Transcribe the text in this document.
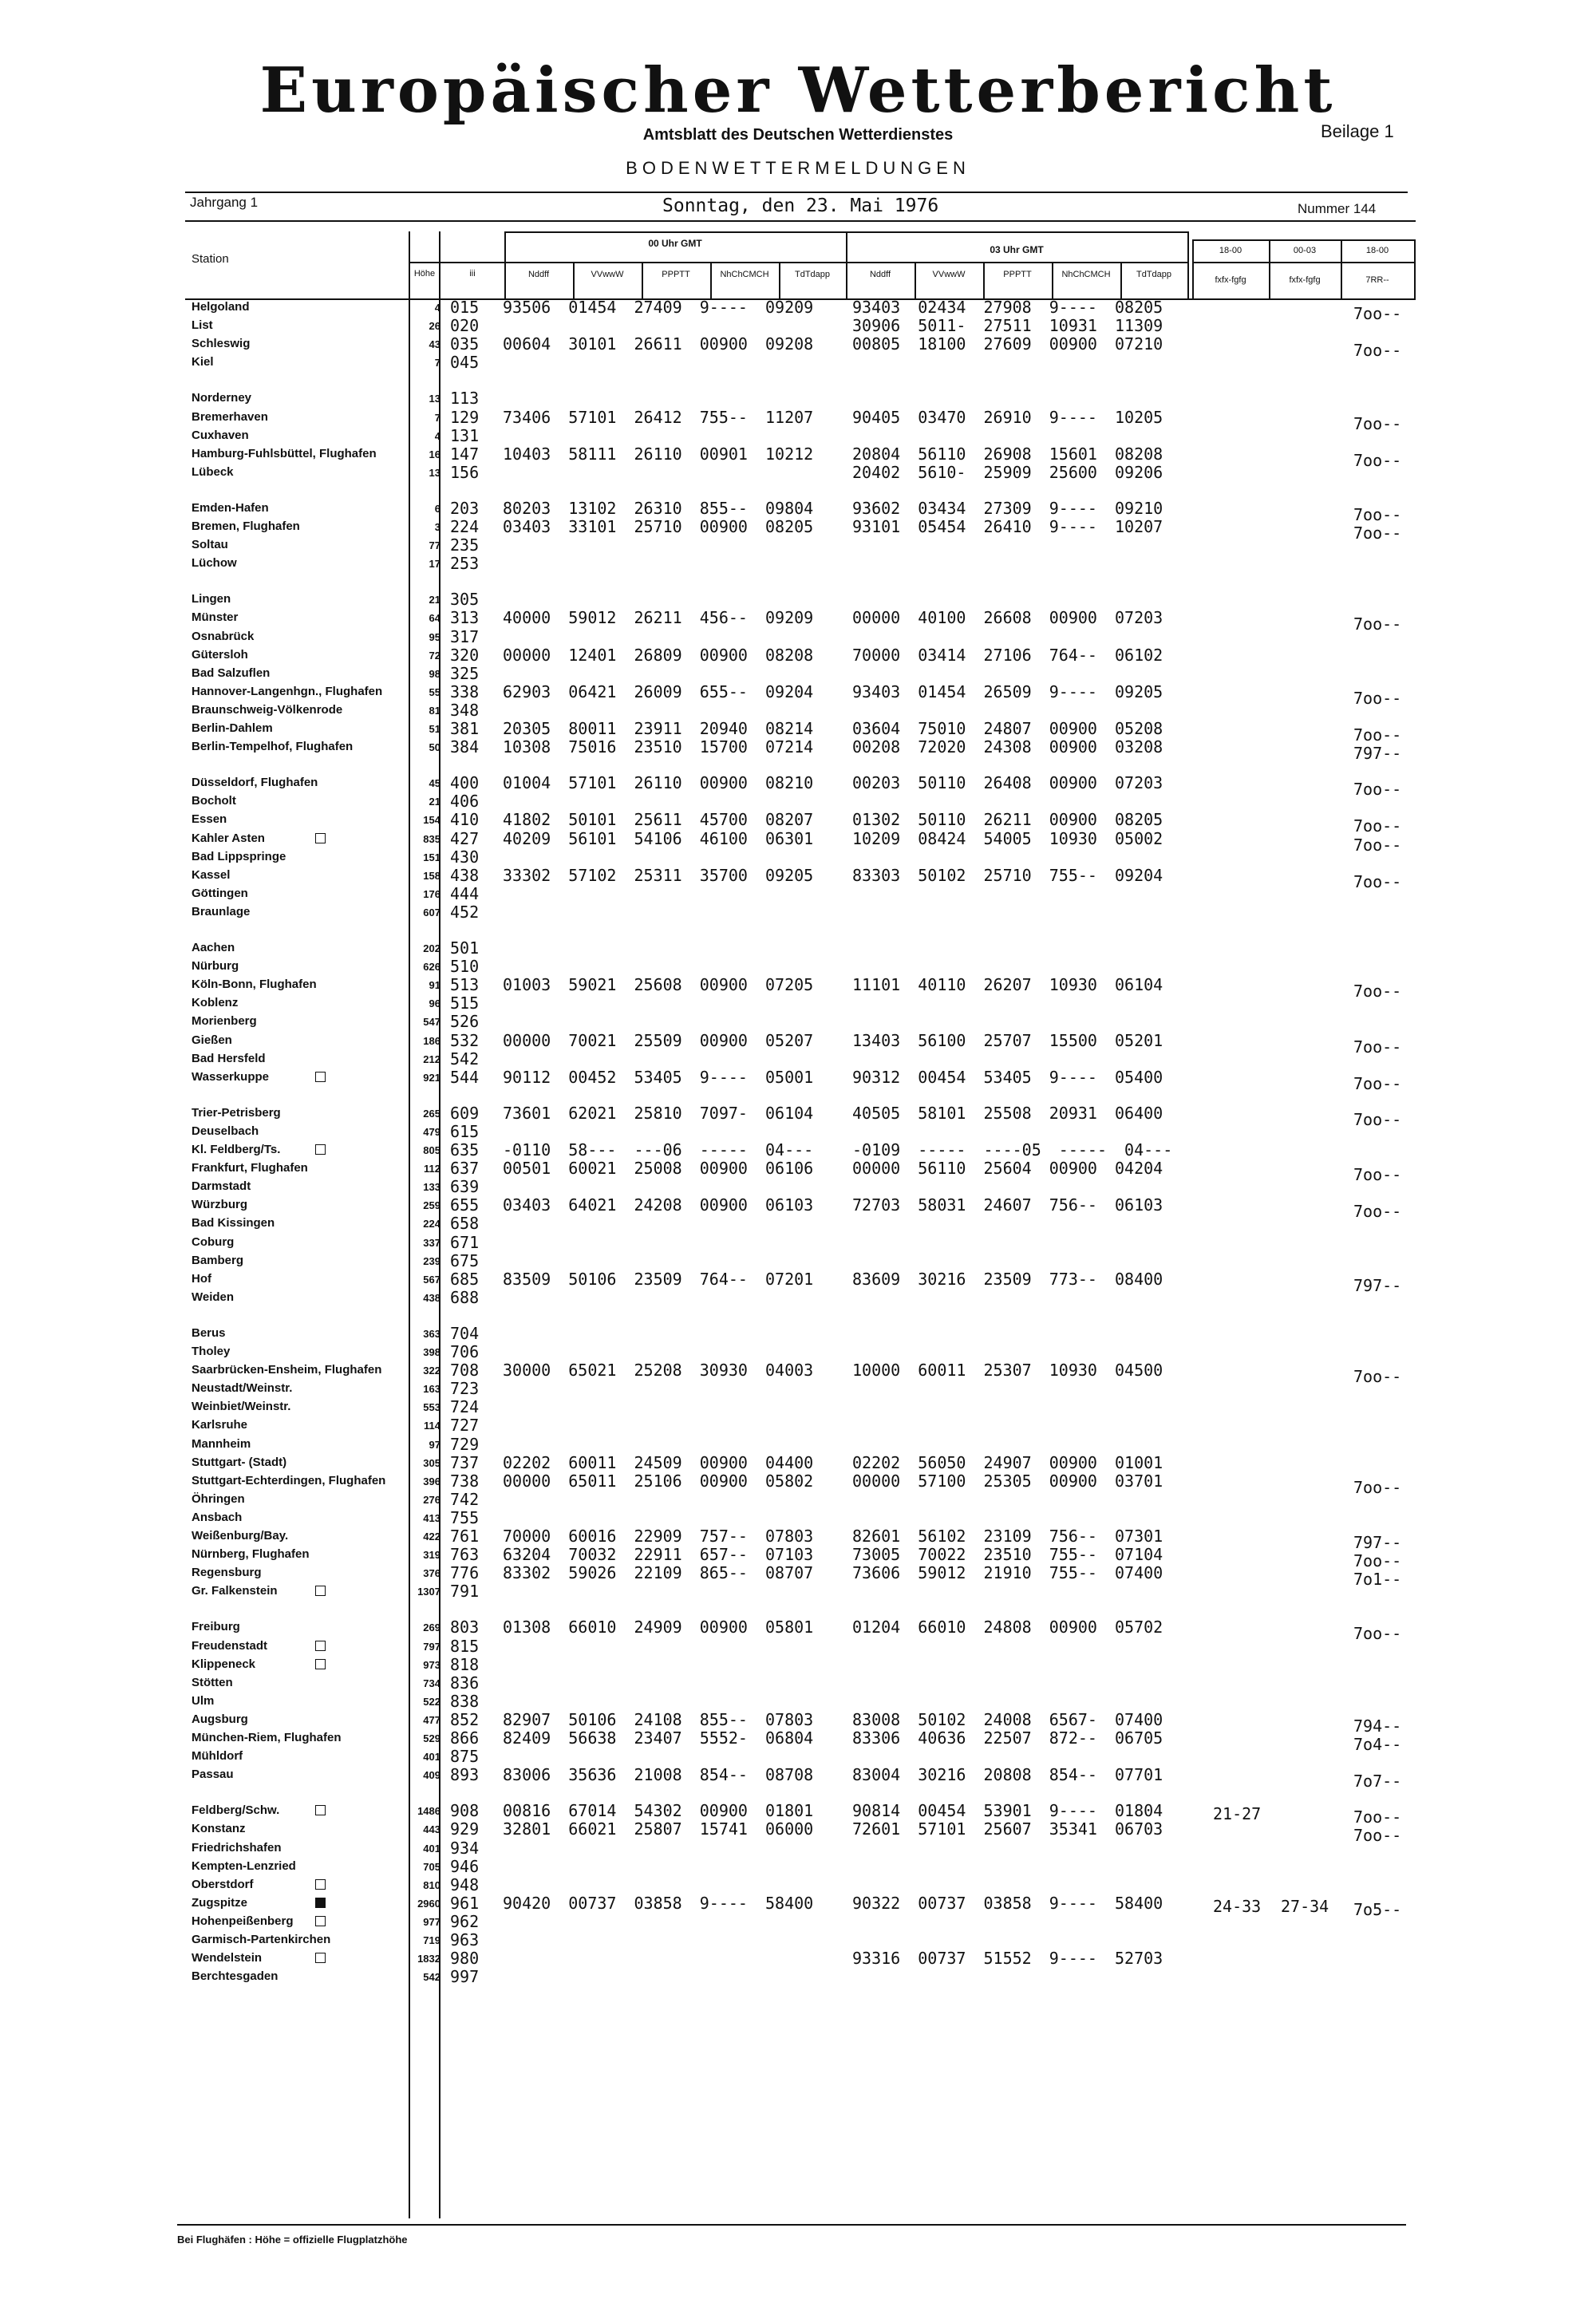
Europäischer Wetterbericht
Amtsblatt des Deutschen Wetterdienstes	Beilage 1
BODENWETTERMELDUNGEN
Jahrgang 1	Sonntag, den 23. Mai 1976	Nummer 144
Station
Höhe	iii
00 Uhr GMT
03 Uhr GMT	18-00	00-03	18-00
fxfx-fgfg	fxfx-fgfg	7RR--
Nddff	VVwwW	PPPTT	NhChCMCH	TdTdapp	Nddff	VVwwW	PPPTT	NhChCMCH	TdTdapp
Helgoland	4 015 93506 01454 27409 9---- 09209 93403 02434 27908 9---- 08205	7oo--
List	26 020	30906 5011- 27511 10931 11309
Schleswig	43 035 00604 30101 26611 00900 09208 00805 18100 27609 00900 07210	7oo--
Kiel	7 045
Norderney	13 113
Bremerhaven	7 129 73406 57101 26412 755-- 11207 90405 03470 26910 9---- 10205	7oo--
Cuxhaven	4 131
Hamburg-Fuhlsbüttel, Flughafen	16 147 10403 58111 26110 00901 10212 20804 56110 26908 15601 08208	7oo--
Lübeck	13 156	20402 5610- 25909 25600 09206
Emden-Hafen	6 203 80203 13102 26310 855-- 09804 93602 03434 27309 9---- 09210	7oo--
Bremen, Flughafen	3 224 03403 33101 25710 00900 08205 93101 05454 26410 9---- 10207	7oo--
Soltau	77 235
Lüchow	17 253
Lingen	21 305
Münster	64 313 40000 59012 26211 456-- 09209 00000 40100 26608 00900 07203	7oo--
Osnabrück	95 317
Gütersloh	72 320 00000 12401 26809 00900 08208 70000 03414 27106 764-- 06102
Bad Salzuflen	98 325
Hannover-Langenhgn., Flughafen	55 338 62903 06421 26009 655-- 09204 93403 01454 26509 9---- 09205	7oo--
Braunschweig-Völkenrode	81 348
Berlin-Dahlem	51 381 20305 80011 23911 20940 08214 03604 75010 24807 00900 05208	7oo--
Berlin-Tempelhof, Flughafen	50 384 10308 75016 23510 15700 07214 00208 72020 24308 00900 03208	797--
Düsseldorf, Flughafen	45 400 01004 57101 26110 00900 08210 00203 50110 26408 00900 07203	7oo--
Bocholt	21 406
Essen	154 410 41802 50101 25611 45700 08207 01302 50110 26211 00900 08205	7oo--
Kahler Asten	835 427 40209 56101 54106 46100 06301 10209 08424 54005 10930 05002	7oo--
Bad Lippspringe	151 430
Kassel	158 438 33302 57102 25311 35700 09205 83303 50102 25710 755-- 09204	7oo--
Göttingen	176 444
Braunlage	607 452
Aachen	202 501
Nürburg	626 510
Köln-Bonn, Flughafen	91 513 01003 59021 25608 00900 07205 11101 40110 26207 10930 06104	7oo--
Koblenz	96 515
Morienberg	547 526
Gießen	186 532 00000 70021 25509 00900 05207 13403 56100 25707 15500 05201	7oo--
Bad Hersfeld	212 542
Wasserkuppe	921 544 90112 00452 53405 9---- 05001 90312 00454 53405 9---- 05400	7oo--
Trier-Petrisberg	265 609 73601 62021 25810 7097- 06104 40505 58101 25508 20931 06400	7oo--
Deuselbach	479 615
Kl. Feldberg/Ts.	805 635 -0110 58--- ---06 ----- 04--- -0109 ----- ----05 ----- 04---
Frankfurt, Flughafen	112 637 00501 60021 25008 00900 06106 00000 56110 25604 00900 04204	7oo--
Darmstadt	133 639
Würzburg	259 655 03403 64021 24208 00900 06103 72703 58031 24607 756-- 06103	7oo--
Bad Kissingen	224 658
Coburg	337 671
Bamberg	239 675
Hof	567 685 83509 50106 23509 764-- 07201 83609 30216 23509 773-- 08400	797--
Weiden	438 688
Berus	363 704
Tholey	398 706
Saarbrücken-Ensheim, Flughafen	322 708 30000 65021 25208 30930 04003 10000 60011 25307 10930 04500	7oo--
Neustadt/Weinstr.	163 723
Weinbiet/Weinstr.	553 724
Karlsruhe	114 727
Mannheim	97 729
Stuttgart- (Stadt)	305 737 02202 60011 24509 00900 04400 02202 56050 24907 00900 01001
Stuttgart-Echterdingen, Flughafen	396 738 00000 65011 25106 00900 05802 00000 57100 25305 00900 03701	7oo--
Öhringen	276 742
Ansbach	413 755
Weißenburg/Bay.	422 761 70000 60016 22909 757-- 07803 82601 56102 23109 756-- 07301	797--
Nürnberg, Flughafen	319 763 63204 70032 22911 657-- 07103 73005 70022 23510 755-- 07104	7oo--
Regensburg	376 776 83302 59026 22109 865-- 08707 73606 59012 21910 755-- 07400	7o1--
Gr. Falkenstein	1307 791
Freiburg	269 803 01308 66010 24909 00900 05801 01204 66010 24808 00900 05702	7oo--
Freudenstadt	797 815
Klippeneck	973 818
Stötten	734 836
Ulm	522 838
Augsburg	477 852 82907 50106 24108 855-- 07803 83008 50102 24008 6567- 07400	794--
München-Riem, Flughafen	529 866 82409 56638 23407 5552- 06804 83306 40636 22507 872-- 06705	7o4--
Mühldorf	401 875
Passau	409 893 83006 35636 21008 854-- 08708 83004 30216 20808 854-- 07701	7o7--
Feldberg/Schw.	1486 908 00816 67014 54302 00900 01801 90814 00454 53901 9---- 01804	21-27	7oo--
Konstanz	443 929 32801 66021 25807 15741 06000 72601 57101 25607 35341 06703	7oo--
Friedrichshafen	401 934
Kempten-Lenzried	705 946
Oberstdorf	810 948
Zugspitze	2960 961 90420 00737 03858 9---- 58400 90322 00737 03858 9---- 58400	24-33 27-34 7o5--
Hohenpeißenberg	977 962
Garmisch-Partenkirchen	719 963
Wendelstein	1832 980	93316 00737 51552 9---- 52703
Berchtesgaden	542 997
Bei Flughäfen : Höhe = offizielle Flugplatzhöhe
